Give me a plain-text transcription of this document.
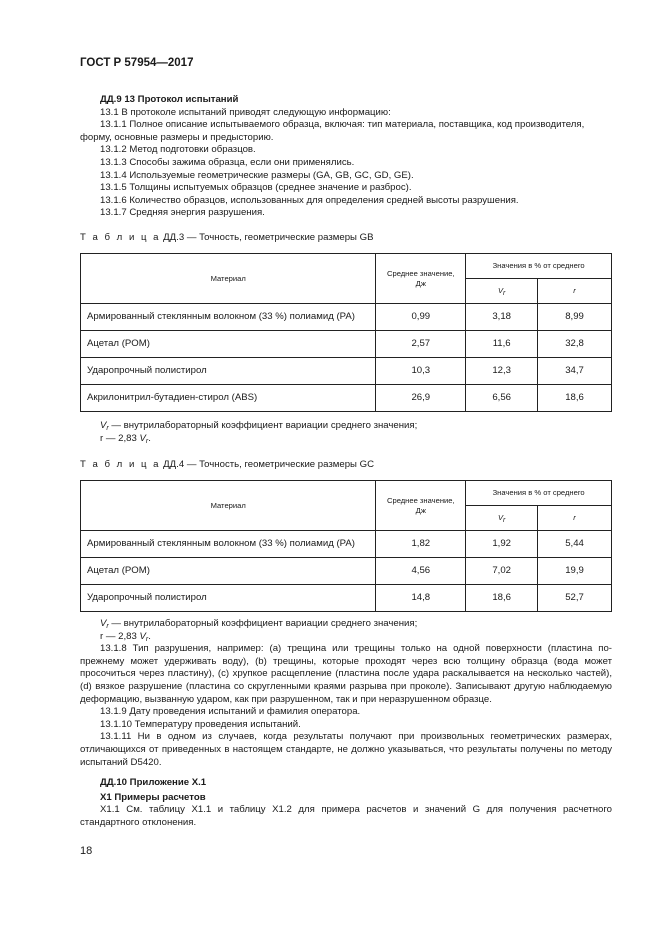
ГОСТ Р 57954—2017

ДД.9 13 Протокол испытаний

13.1 В протоколе испытаний приводят следующую информацию:

13.1.1 Полное описание испытываемого образца, включая: тип материала, поставщика, код производителя,

форму, основные размеры и предысторию.

13.1.2 Метод подготовки образцов.

13.1.3 Способы зажима образца, если они применялись.

13.1.4 Используемые геометрические размеры (GA, GB, GC, GD, GE).

13.1.5 Толщины испытуемых образцов (среднее значение и разброс).

13.1.6 Количество образцов, использованных для определения средней высоты разрушения.

13.1.7 Средняя энергия разрушения.

Т а б л и ц а ДД.3 — Точность, геометрические размеры GB
Материал	Среднее значение, Дж	Значения в % от среднего	
		$V_r$	r
Армированный стеклянным волокном (33 %) полиамид (PA)	0,99	3,18	8,99
Ацетал (POM)	2,57	11,6	32,8
Ударопрочный полистирол	10,3	12,3	34,7
Акрилонитрил-бутадиен-стирол (ABS)	26,9	6,56	18,6

$V_r$ — внутрилабораторный коэффициент вариации среднего значения;

r — 2,83 $V_r$.

Т а б л и ц а ДД.4 — Точность, геометрические размеры GC
Материал	Среднее значение, Дж	Значения в % от среднего	
		$V_r$	r
Армированный стеклянным волокном (33 %) полиамид (PA)	1,82	1,92	5,44
Ацетал (POM)	4,56	7,02	19,9
Ударопрочный полистирол	14,8	18,6	52,7

$V_r$ — внутрилабораторный коэффициент вариации среднего значения;

r — 2,83 $V_r$.

13.1.8 Тип разрушения, например: (a) трещина или трещины только на одной поверхности (пластина по-прежнему может удерживать воду), (b) трещины, которые проходят через всю толщину образца (вода может просочиться через пластину), (c) хрупкое расщепление (пластина после удара раскалывается на несколько частей), (d) вязкое разрушение (пластина со скругленными краями разрыва при проколе). Записывают другую наблюдаемую деформацию, вызванную ударом, как при разрушенном, так и при неразрушенном образце.

13.1.9 Дату проведения испытаний и фамилия оператора.

13.1.10 Температуру проведения испытаний.

13.1.11 Ни в одном из случаев, когда результаты получают при произвольных геометрических размерах, отличающихся от приведенных в настоящем стандарте, не должно указываться, что результаты получены по методу испытаний D5420.

ДД.10 Приложение X.1

X1 Примеры расчетов

X1.1 См. таблицу X1.1 и таблицу X1.2 для примера расчетов и значений G для получения расчетного стандартного отклонения.

18
